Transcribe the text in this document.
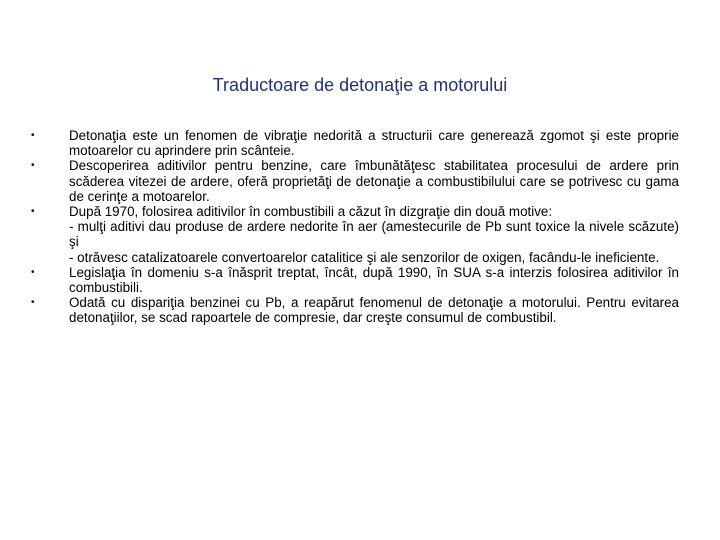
Traductoare de detonaţie a motorului
•	Detonaţia este un fenomen de vibraţie nedorită a structurii care generează zgomot şi este proprie motoarelor cu aprindere prin scânteie.
•	Descoperirea aditivilor pentru benzine, care îmbunătăţesc stabilitatea procesului de ardere prin scăderea vitezei de ardere, oferă proprietăţi de detonaţie a combustibilului care se potrivesc cu gama de cerinţe a motoarelor.
•	După 1970, folosirea aditivilor în combustibili a căzut în dizgraţie din două motive:
- mulţi aditivi dau produse de ardere nedorite în aer (amestecurile de Pb sunt toxice la nivele scăzute) şi
- otrăvesc catalizatoarele convertoarelor catalitice şi ale senzorilor de oxigen, facându-le ineficiente.
•	Legislaţia în domeniu s-a înăsprit treptat, încât, după 1990, în SUA s-a interzis folosirea aditivilor în combustibili.
•	Odată cu dispariţia benzinei cu Pb, a reapărut fenomenul de detonaţie a motorului. Pentru evitarea detonaţiilor, se scad rapoartele de compresie, dar creşte consumul de combustibil.
